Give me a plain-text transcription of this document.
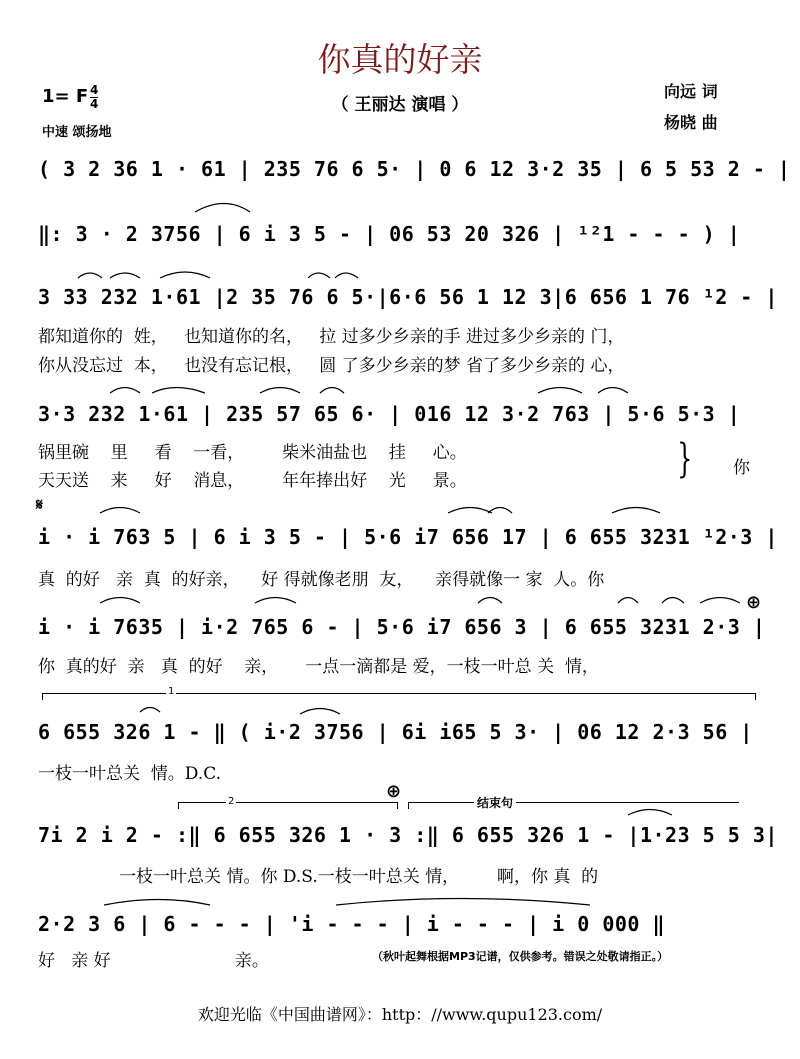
你真的好亲
（ 王丽达 演唱 ）
1= F 4
4
中速 颂扬地
向远 词
杨晓 曲
( 3 2 36 1 · 61 | 235 76 6 5· | 0 6 12 3·2 35 | 6 5 53 2 - |
‖: 3 · 2 3756 | 6 i 3 5 - | 06 53 20 326 | ¹²1 - - - ) |
3 33 232 1·61 |2 35 76 6 5·|6·6 56 1 12 3|6 656 1 76 ¹2 - |
都知道你的  姓，   也知道你的名，   拉 过多少乡亲的手 进过多少乡亲的 门，
你从没忘过  本，   也没有忘记根，   圆 了多少乡亲的梦 省了多少乡亲的 心，
3·3 232 1·61 | 235 57 65 6· | 016 12 3·2 763 | 5·6 5·3 |
锅里碗    里     看    一看，       柴米油盐也    挂     心。
天天送    来     好    消息，       年年捧出好    光     景。	} 你
𝄋
i · i 763 5 | 6 i 3 5 - | 5·6 i7 656 17 | 6 655 3231 ¹2·3 |
真  的好   亲  真  的好亲，    好 得就像老朋  友，    亲得就像一 家  人。你
⊕
i · i 7635 | i·2 765 6 - | 5·6 i7 656 3 | 6 655 3231 2·3 |
你  真的好  亲   真  的好    亲，     一点一滴都是 爱，一枝一叶总 关  情，
1
6 655 326 1 - ‖ ( i·2 3756 | 6i i65 5 3· | 06 12 2·3 56 |
一枝一叶总关  情。D.C.
⊕
2	结束句
7i 2 i 2 - :‖ 6 655 326 1 · 3 :‖ 6 655 326 1 - |1·23 5 5 3|
一枝一叶总关 情。你 D.S.一枝一叶总关 情，       啊，你 真  的
2·2 3 6 | 6 - - - | 'i - - - | i - - - | i 0 000 ‖
好   亲 好                       亲。	（秋叶起舞根据MP3记谱，仅供参考。错误之处敬请指正。）
欢迎光临《中国曲谱网》：http：//www.qupu123.com/
